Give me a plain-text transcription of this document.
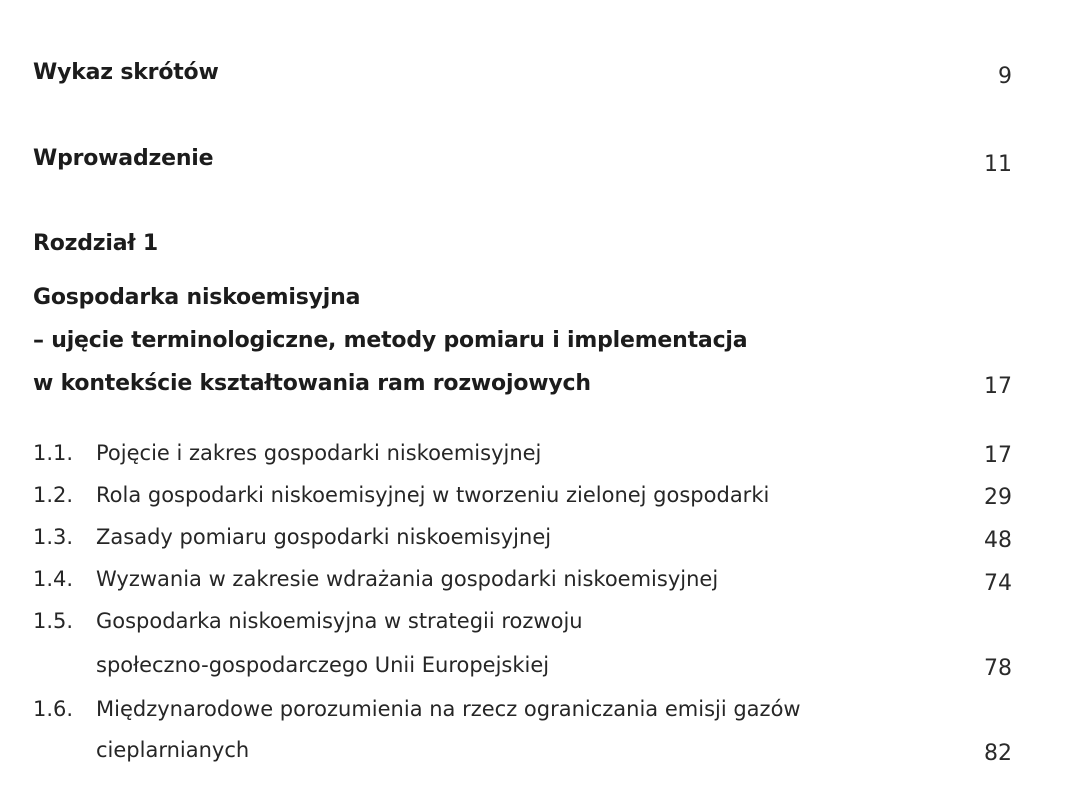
Wykaz skrótów	9
Wprowadzenie	11
Rozdział 1
Gospodarka niskoemisyjna
– ujęcie terminologiczne, metody pomiaru i implementacja
w kontekście kształtowania ram rozwojowych	17
1.1. Pojęcie i zakres gospodarki niskoemisyjnej	17
1.2. Rola gospodarki niskoemisyjnej w tworzeniu zielonej gospodarki	29
1.3. Zasady pomiaru gospodarki niskoemisyjnej	48
1.4. Wyzwania w zakresie wdrażania gospodarki niskoemisyjnej	74
1.5. Gospodarka niskoemisyjna w strategii rozwoju
społeczno-gospodarczego Unii Europejskiej	78
1.6. Międzynarodowe porozumienia na rzecz ograniczania emisji gazów
cieplarnianych	82
